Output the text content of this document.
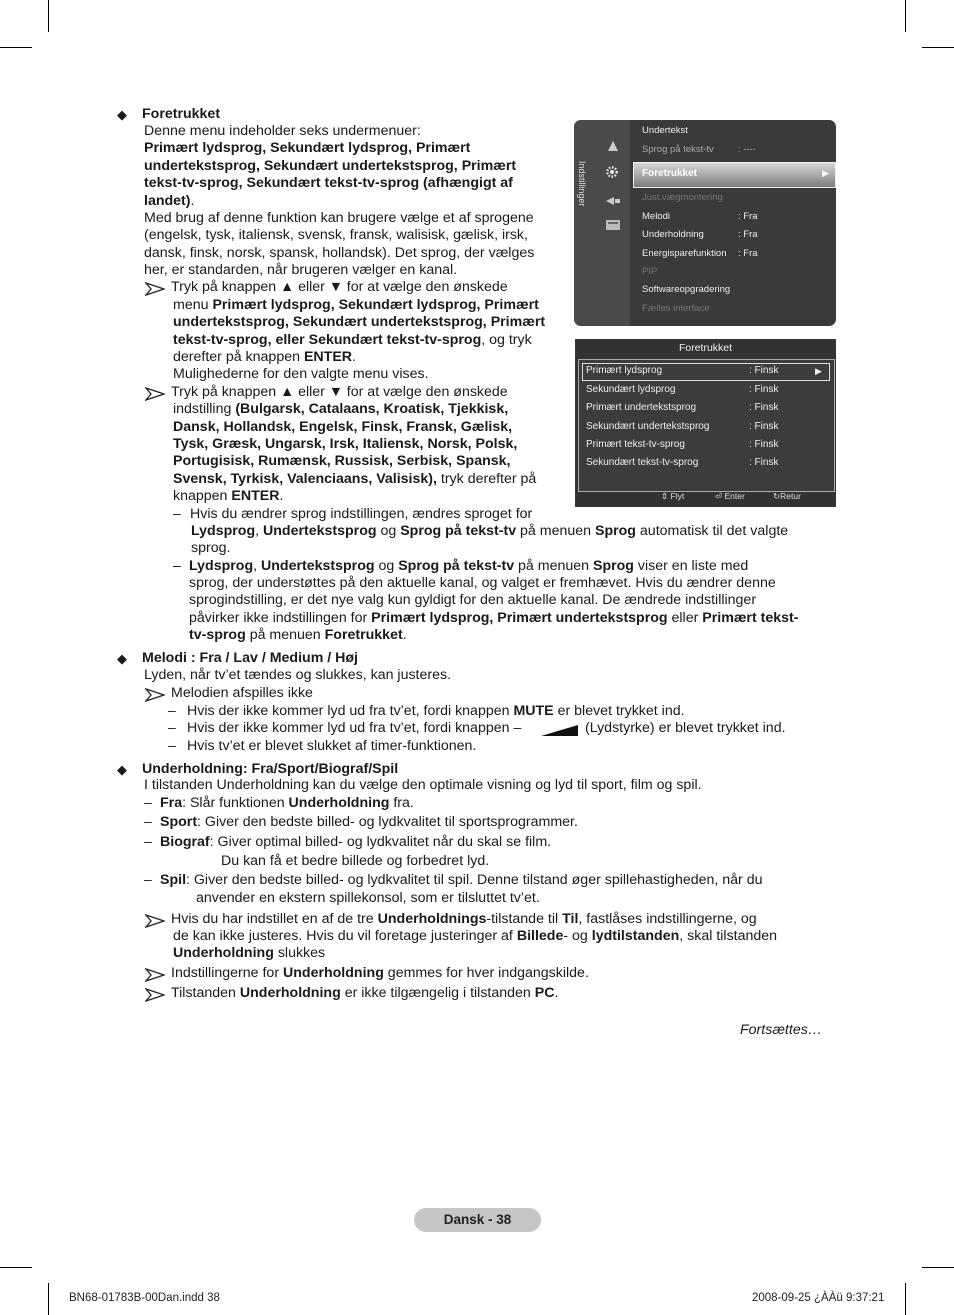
◆ Foretrukket
Denne menu indeholder seks undermenuer:
Primært lydsprog, Sekundært lydsprog, Primært
undertekstsprog, Sekundært undertekstsprog, Primært
tekst-tv-sprog, Sekundært tekst-tv-sprog (afhængigt af
landet).
Med brug af denne funktion kan brugere vælge et af sprogene
(engelsk, tysk, italiensk, svensk, fransk, walisisk, gælisk, irsk,
dansk, finsk, norsk, spansk, hollandsk). Det sprog, der vælges
her, er standarden, når brugeren vælger en kanal.
Tryk på knappen ▲ eller ▼ for at vælge den ønskede
menu Primært lydsprog, Sekundært lydsprog, Primært
undertekstsprog, Sekundært undertekstsprog, Primært
tekst-tv-sprog, eller Sekundært tekst-tv-sprog, og tryk
derefter på knappen ENTER.
Mulighederne for den valgte menu vises.
Tryk på knappen ▲ eller ▼ for at vælge den ønskede
indstilling (Bulgarsk, Catalaans, Kroatisk, Tjekkisk,
Dansk, Hollandsk, Engelsk, Finsk, Fransk, Gælisk,
Tysk, Græsk, Ungarsk, Irsk, Italiensk, Norsk, Polsk,
Portugisisk, Rumænsk, Russisk, Serbisk, Spansk,
Svensk, Tyrkisk, Valenciaans, Valisisk), tryk derefter på
knappen ENTER.
– Hvis du ændrer sprog indstillingen, ændres sproget for
Lydsprog, Undertekstsprog og Sprog på tekst-tv på menuen Sprog automatisk til det valgte
sprog.
– Lydsprog, Undertekstsprog og Sprog på tekst-tv på menuen Sprog viser en liste med
sprog, der understøttes på den aktuelle kanal, og valget er fremhævet. Hvis du ændrer denne
sprogindstilling, er det nye valg kun gyldigt for den aktuelle kanal. De ændrede indstillinger
påvirker ikke indstillingen for Primært lydsprog, Primært undertekstsprog eller Primært tekst-
tv-sprog på menuen Foretrukket.
Indstillinger
Undertekst
Sprog på tekst-tv	: ----
Foretrukket	▶
Just.vægmontering
Melodi	: Fra
Underholdning	: Fra
Energisparefunktion : Fra
PIP
Softwareopgradering
Fælles interface
Foretrukket
▶
Primært lydsprog	: Finsk
Sekundært lydsprog	: Finsk
Primært undertekstsprog	: Finsk
Sekundært undertekstsprog	: Finsk
Primært tekst-tv-sprog	: Finsk
Sekundært tekst-tv-sprog	: Finsk
⇕ Flyt	⏎ Enter	↻Retur
◆ Melodi : Fra / Lav / Medium / Høj
Lyden, når tv’et tændes og slukkes, kan justeres.
Melodien afspilles ikke
– Hvis der ikke kommer lyd ud fra tv’et, fordi knappen MUTE er blevet trykket ind.
– Hvis der ikke kommer lyd ud fra tv’et, fordi knappen –	(Lydstyrke) er blevet trykket ind.
– Hvis tv’et er blevet slukket af timer-funktionen.
◆ Underholdning: Fra/Sport/Biograf/Spil
I tilstanden Underholdning kan du vælge den optimale visning og lyd til sport, film og spil.
– Fra: Slår funktionen Underholdning fra.
– Sport: Giver den bedste billed- og lydkvalitet til sportsprogrammer.
– Biograf: Giver optimal billed- og lydkvalitet når du skal se film.
Du kan få et bedre billede og forbedret lyd.
– Spil: Giver den bedste billed- og lydkvalitet til spil. Denne tilstand øger spillehastigheden, når du
anvender en ekstern spillekonsol, som er tilsluttet tv’et.
Hvis du har indstillet en af de tre Underholdnings-tilstande til Til, fastlåses indstillingerne, og
de kan ikke justeres. Hvis du vil foretage justeringer af Billede- og lydtilstanden, skal tilstanden
Underholdning slukkes
Indstillingerne for Underholdning gemmes for hver indgangskilde.
Tilstanden Underholdning er ikke tilgængelig i tilstanden PC.
Fortsættes…
Dansk - 38
BN68-01783B-00Dan.indd 38	2008-09-25 ¿ÀÀü 9:37:21
